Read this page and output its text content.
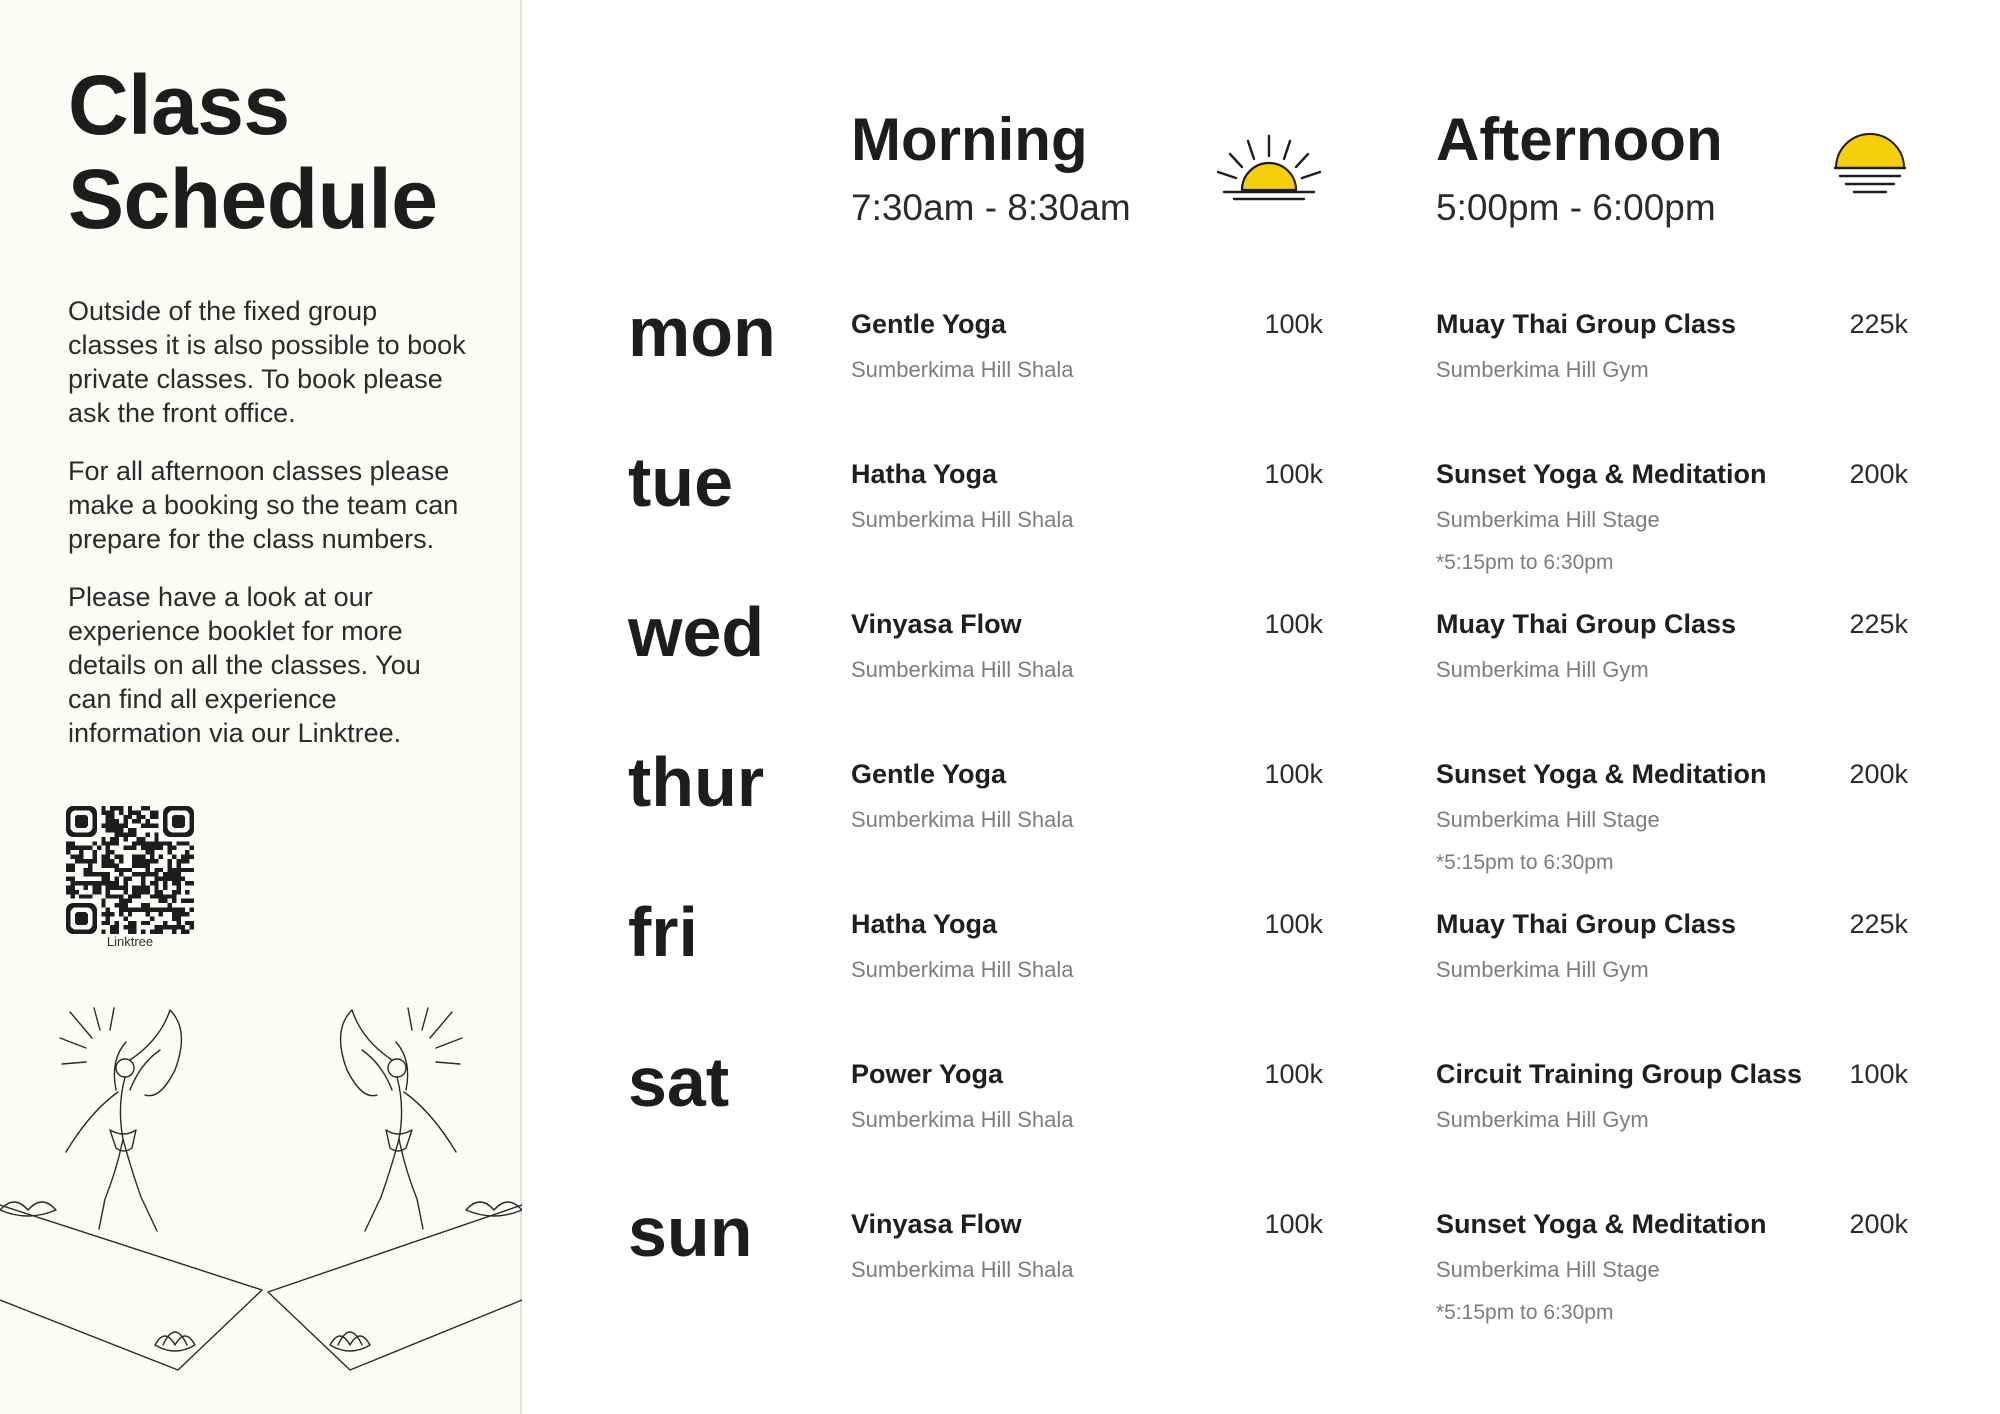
Class
Schedule

Outside of the fixed group classes it is also possible to book private classes. To book please ask the front office.

For all afternoon classes please make a booking so the team can prepare for the class numbers.

Please have a look at our experience booklet for more details on all the classes. You can find all experience information via our Linktree.

Linktree
Morning
7:30am - 8:30am
Afternoon
5:00pm - 6:00pm
mon	Gentle Yoga	100k
Sumberkima Hill Shala
Muay Thai Group Class	225k
Sumberkima Hill Gym
tue	Hatha Yoga	100k
Sumberkima Hill Shala
Sunset Yoga & Meditation	200k
Sumberkima Hill Stage
*5:15pm to 6:30pm
wed	Vinyasa Flow	100k
Sumberkima Hill Shala
Muay Thai Group Class	225k
Sumberkima Hill Gym
thur	Gentle Yoga	100k
Sumberkima Hill Shala
Sunset Yoga & Meditation	200k
Sumberkima Hill Stage
*5:15pm to 6:30pm
fri	Hatha Yoga	100k
Sumberkima Hill Shala
Muay Thai Group Class	225k
Sumberkima Hill Gym
sat	Power Yoga	100k
Sumberkima Hill Shala
Circuit Training Group Class	100k
Sumberkima Hill Gym
sun	Vinyasa Flow	100k
Sumberkima Hill Shala
Sunset Yoga & Meditation	200k
Sumberkima Hill Stage
*5:15pm to 6:30pm
